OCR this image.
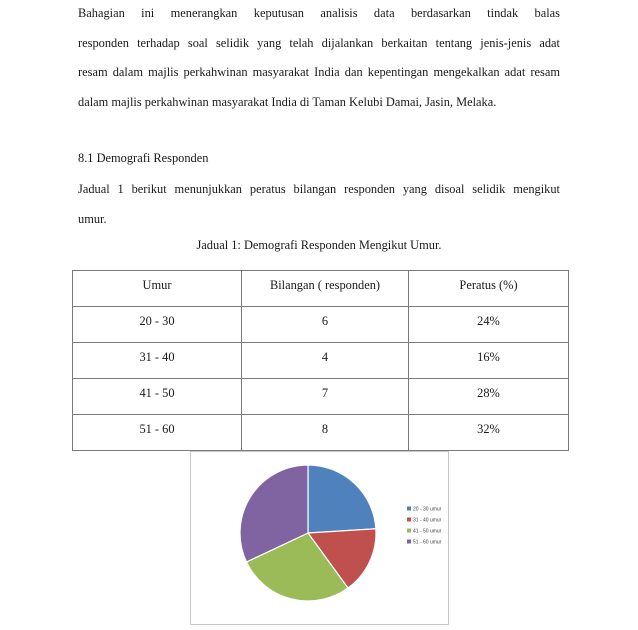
Bahagian ini menerangkan keputusan analisis data berdasarkan tindak balas
responden terhadap soal selidik yang telah dijalankan berkaitan tentang jenis-jenis adat
resam dalam majlis perkahwinan masyarakat India dan kepentingan mengekalkan adat resam
dalam majlis perkahwinan masyarakat India di Taman Kelubi Damai, Jasin, Melaka.

8.1 Demografi Responden

Jadual 1 berikut menunjukkan peratus bilangan responden yang disoal selidik mengikut
umur.

Jadual 1: Demografi Responden Mengikut Umur.

Umur	Bilangan ( responden)	Peratus (%)
20 - 30	6	24%
31 - 40	4	16%
41 - 50	7	28%
51 - 60	8	32%
20 - 30 umur
31 - 40 umur
41 - 50 umur
51 - 60 umur
